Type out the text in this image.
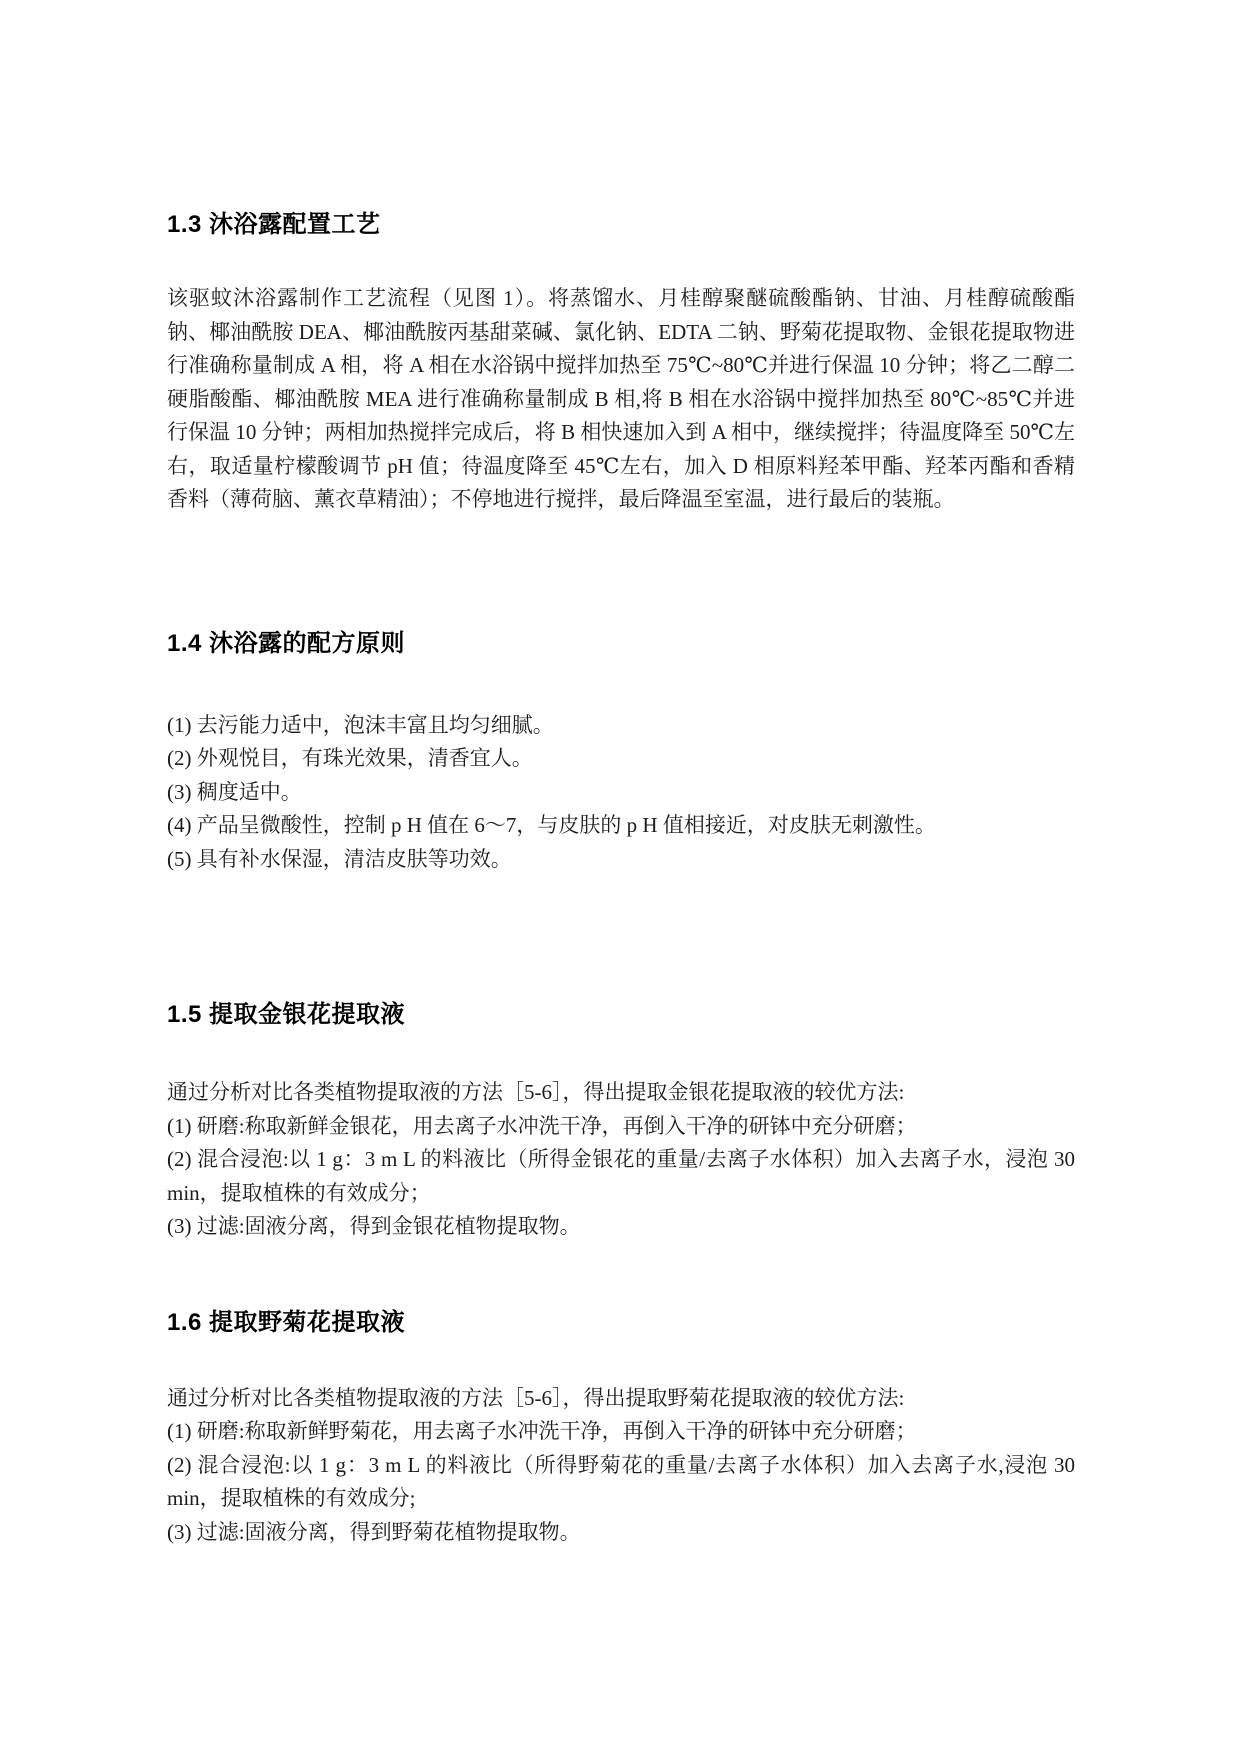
1.3 沐浴露配置工艺

该驱蚊沐浴露制作工艺流程（见图 1）。将蒸馏水、月桂醇聚醚硫酸酯钠、甘油、月桂醇硫酸酯钠、椰油酰胺 DEA、椰油酰胺丙基甜菜碱、氯化钠、EDTA 二钠、野菊花提取物、金银花提取物进行准确称量制成 A 相，将 A 相在水浴锅中搅拌加热至 75℃~80℃并进行保温 10 分钟；将乙二醇二硬脂酸酯、椰油酰胺 MEA 进行准确称量制成 B 相,将 B 相在水浴锅中搅拌加热至 80℃~85℃并进行保温 10 分钟；两相加热搅拌完成后，将 B 相快速加入到 A 相中，继续搅拌；待温度降至 50℃左右，取适量柠檬酸调节 pH 值；待温度降至 45℃左右，加入 D 相原料羟苯甲酯、羟苯丙酯和香精香料（薄荷脑、薰衣草精油）；不停地进行搅拌，最后降温至室温，进行最后的装瓶。

1.4 沐浴露的配方原则

(1) 去污能力适中，泡沫丰富且均匀细腻。

(2) 外观悦目，有珠光效果，清香宜人。

(3) 稠度适中。

(4) 产品呈微酸性，控制 p H 值在 6～7，与皮肤的 p H 值相接近，对皮肤无刺激性。

(5) 具有补水保湿，清洁皮肤等功效。

1.5 提取金银花提取液

通过分析对比各类植物提取液的方法［5-6］，得出提取金银花提取液的较优方法:

(1) 研磨:称取新鲜金银花，用去离子水冲洗干净，再倒入干净的研钵中充分研磨；

(2) 混合浸泡:以 1 g：3 m L 的料液比（所得金银花的重量/去离子水体积）加入去离子水，浸泡 30 min，提取植株的有效成分；

(3) 过滤:固液分离，得到金银花植物提取物。

1.6 提取野菊花提取液

通过分析对比各类植物提取液的方法［5-6］，得出提取野菊花提取液的较优方法:

(1) 研磨:称取新鲜野菊花，用去离子水冲洗干净，再倒入干净的研钵中充分研磨；

(2) 混合浸泡:以 1 g：3 m L 的料液比（所得野菊花的重量/去离子水体积）加入去离子水,浸泡 30 min，提取植株的有效成分;

(3) 过滤:固液分离，得到野菊花植物提取物。
